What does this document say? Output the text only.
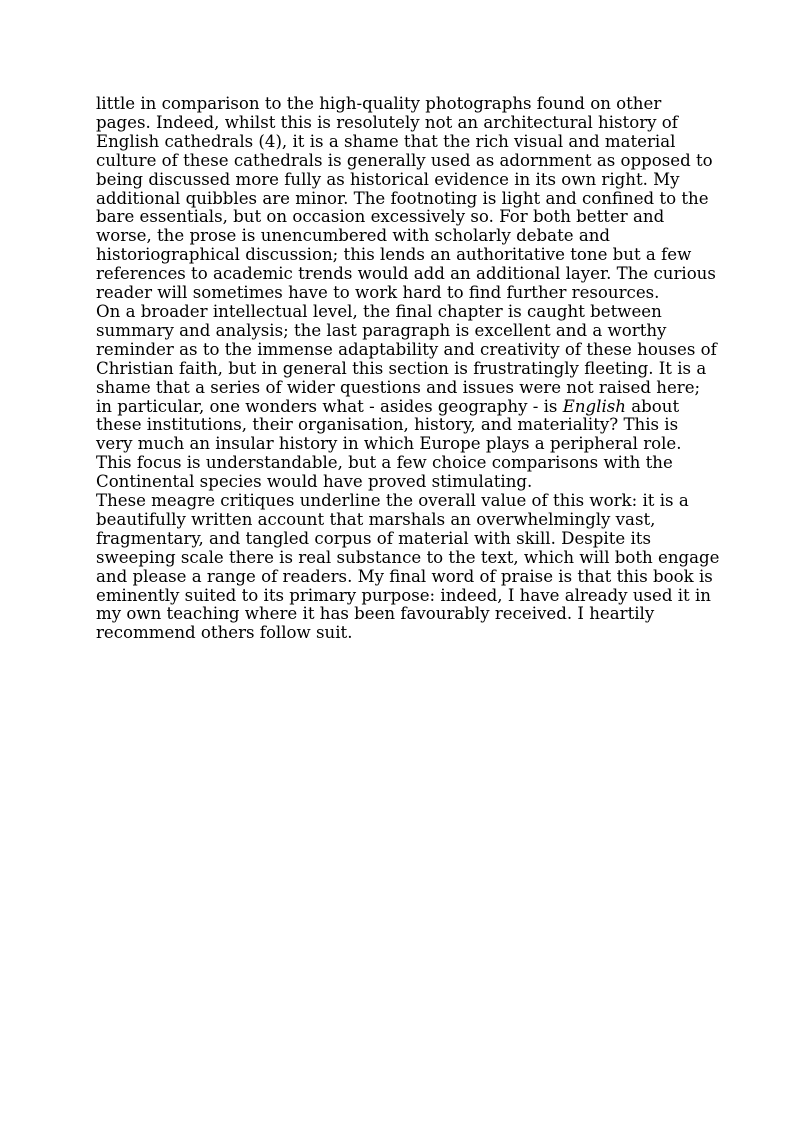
little in comparison to the high-quality photographs found on other
pages. Indeed, whilst this is resolutely not an architectural history of
English cathedrals (4), it is a shame that the rich visual and material
culture of these cathedrals is generally used as adornment as opposed to
being discussed more fully as historical evidence in its own right. My
additional quibbles are minor. The footnoting is light and confined to the
bare essentials, but on occasion excessively so. For both better and
worse, the prose is unencumbered with scholarly debate and
historiographical discussion; this lends an authoritative tone but a few
references to academic trends would add an additional layer. The curious
reader will sometimes have to work hard to find further resources.

On a broader intellectual level, the final chapter is caught between
summary and analysis; the last paragraph is excellent and a worthy
reminder as to the immense adaptability and creativity of these houses of
Christian faith, but in general this section is frustratingly fleeting. It is a
shame that a series of wider questions and issues were not raised here;
in particular, one wonders what - asides geography - is English about
these institutions, their organisation, history, and materiality? This is
very much an insular history in which Europe plays a peripheral role.
This focus is understandable, but a few choice comparisons with the
Continental species would have proved stimulating.

These meagre critiques underline the overall value of this work: it is a
beautifully written account that marshals an overwhelmingly vast,
fragmentary, and tangled corpus of material with skill. Despite its
sweeping scale there is real substance to the text, which will both engage
and please a range of readers. My final word of praise is that this book is
eminently suited to its primary purpose: indeed, I have already used it in
my own teaching where it has been favourably received. I heartily
recommend others follow suit.
